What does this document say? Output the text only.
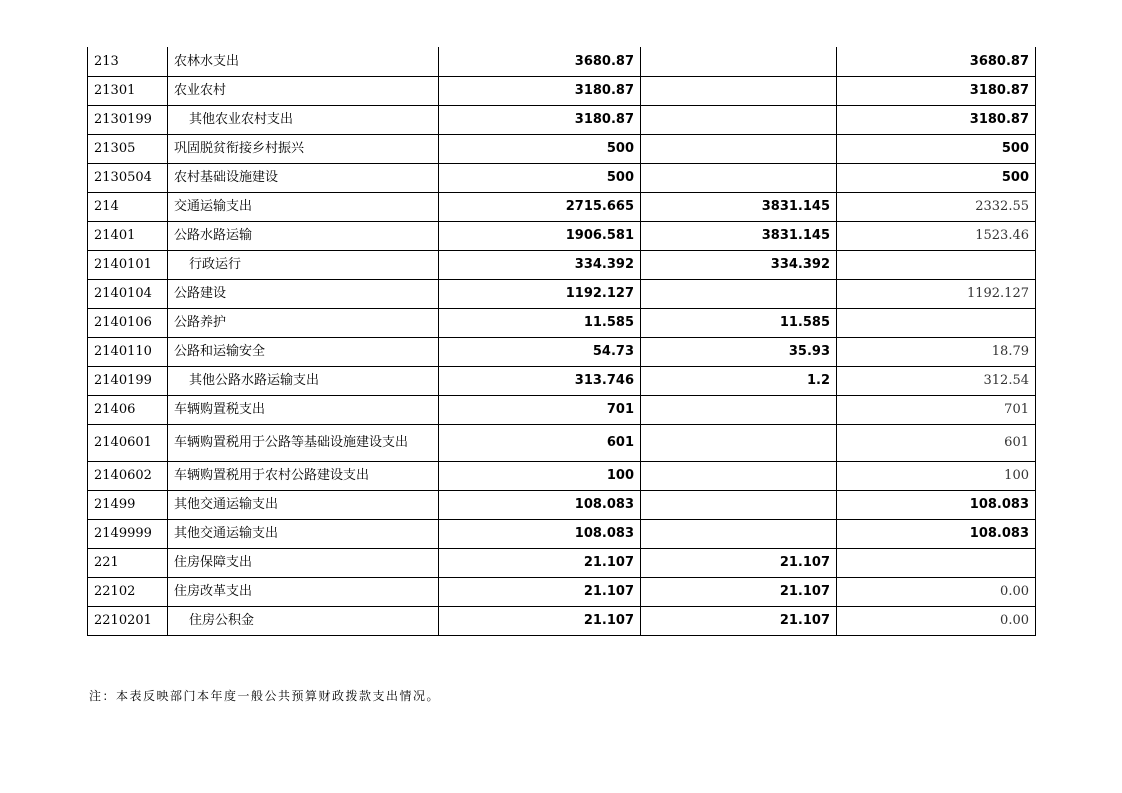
213	农林水支出	3680.87		3680.87
21301	农业农村	3180.87		3180.87
2130199	其他农业农村支出	3180.87		3180.87
21305	巩固脱贫衔接乡村振兴	500		500
2130504	农村基础设施建设	500		500
214	交通运输支出	2715.665	3831.145	2332.55
21401	公路水路运输	1906.581	3831.145	1523.46
2140101	行政运行	334.392	334.392	
2140104	公路建设	1192.127		1192.127
2140106	公路养护	11.585	11.585	
2140110	公路和运输安全	54.73	35.93	18.79
2140199	其他公路水路运输支出	313.746	1.2	312.54
21406	车辆购置税支出	701		701
2140601	车辆购置税用于公路等基础设施建设支出	601		601
2140602	车辆购置税用于农村公路建设支出	100		100
21499	其他交通运输支出	108.083		108.083
2149999	其他交通运输支出	108.083		108.083
221	住房保障支出	21.107	21.107	
22102	住房改革支出	21.107	21.107	0.00
2210201	住房公积金	21.107	21.107	0.00
注：本表反映部门本年度一般公共预算财政拨款支出情况。
